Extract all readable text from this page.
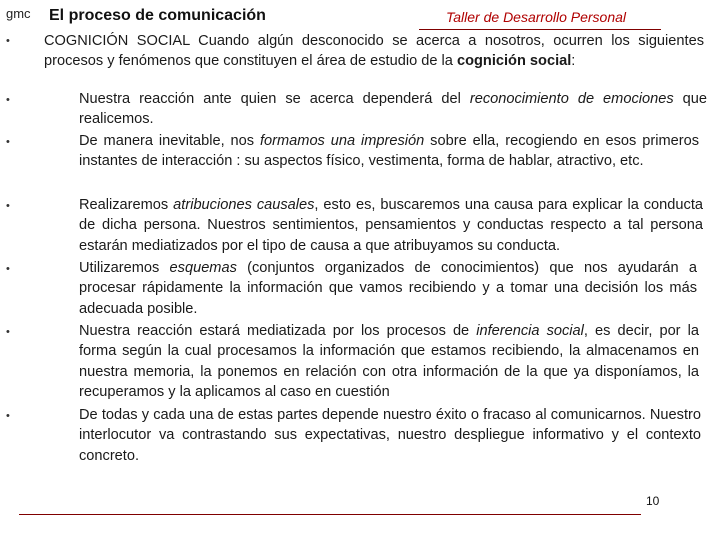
gmc El proceso de comunicación	Taller de Desarrollo Personal
• COGNICIÓN SOCIAL Cuando algún desconocido se acerca a nosotros, ocurren los siguientes procesos y fenómenos que constituyen el área de estudio de la cognición social:
•	Nuestra reacción ante quien se acerca dependerá del reconocimiento de emociones que realicemos.
•	De manera inevitable, nos formamos una impresión sobre ella, recogiendo en esos primeros instantes de interacción : su aspectos físico, vestimenta, forma de hablar, atractivo, etc.
•	Realizaremos atribuciones causales, esto es, buscaremos una causa para explicar la conducta de dicha persona. Nuestros sentimientos, pensamientos y conductas respecto a tal persona estarán mediatizados por el tipo de causa a que atribuyamos su conducta.
•	Utilizaremos esquemas (conjuntos organizados de conocimientos) que nos ayudarán a procesar rápidamente la información que vamos recibiendo y a tomar una decisión los más adecuada posible.
•	Nuestra reacción estará mediatizada por los procesos de inferencia social, es decir, por la forma según la cual procesamos la información que estamos recibiendo, la almacenamos en nuestra memoria, la ponemos en relación con otra información de la que ya disponíamos, la recuperamos y la aplicamos al caso en cuestión
•	De todas y cada una de estas partes depende nuestro éxito o fracaso al comunicarnos. Nuestro interlocutor va contrastando sus expectativas, nuestro despliegue informativo y el contexto concreto.
10
